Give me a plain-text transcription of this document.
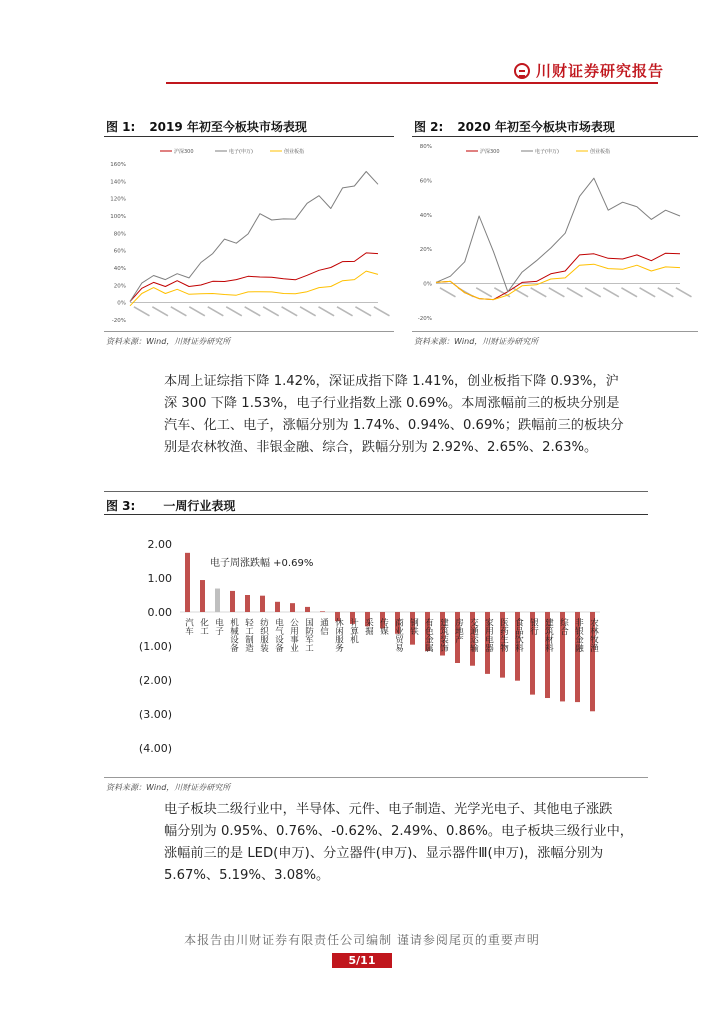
川财证券研究报告
图 1: 2019 年初至今板块市场表现	图 2: 2020 年初至今板块市场表现
-20%
0%
20%
40%
60%
80%
100%
120%
140%
160%
沪深300	电子(申万)	创业板指
-20%
0%
20%
40%
60%
80%
沪深300	电子(申万)	创业板指
资料来源：Wind，川财证券研究所	资料来源：Wind，川财证券研究所
本周上证综指下降 1.42%，深证成指下降 1.41%，创业板指下降 0.93%，沪
深 300 下降 1.53%，电子行业指数上涨 0.69%。本周涨幅前三的板块分别是
汽车、化工、电子，涨幅分别为 1.74%、0.94%、0.69%；跌幅前三的板块分
别是农林牧渔、非银金融、综合，跌幅分别为 2.92%、2.65%、2.63%。
图 3: 一周行业表现
2.00
1.00
0.00
(1.00)
(2.00)
(3.00)
(4.00)
汽车 化工 电子 机械设备 轻工制造 纺织服装 电气设备 公用事业 国防军工 通信 休闲服务 计算机 采掘 传媒 商业贸易 钢铁 有色金属 建筑装饰 房地产 交通运输 家用电器 医药生物 食品饮料 银行 建筑材料 综合 非银金融 农林牧渔
电子周涨跌幅 +0.69%
资料来源：Wind，川财证券研究所
电子板块二级行业中，半导体、元件、电子制造、光学光电子、其他电子涨跌
幅分别为 0.95%、0.76%、-0.62%、2.49%、0.86%。电子板块三级行业中，
涨幅前三的是 LED(申万)、分立器件(申万)、显示器件Ⅲ(申万)，涨幅分别为
5.67%、5.19%、3.08%。
本报告由川财证券有限责任公司编制 谨请参阅尾页的重要声明
5/11
